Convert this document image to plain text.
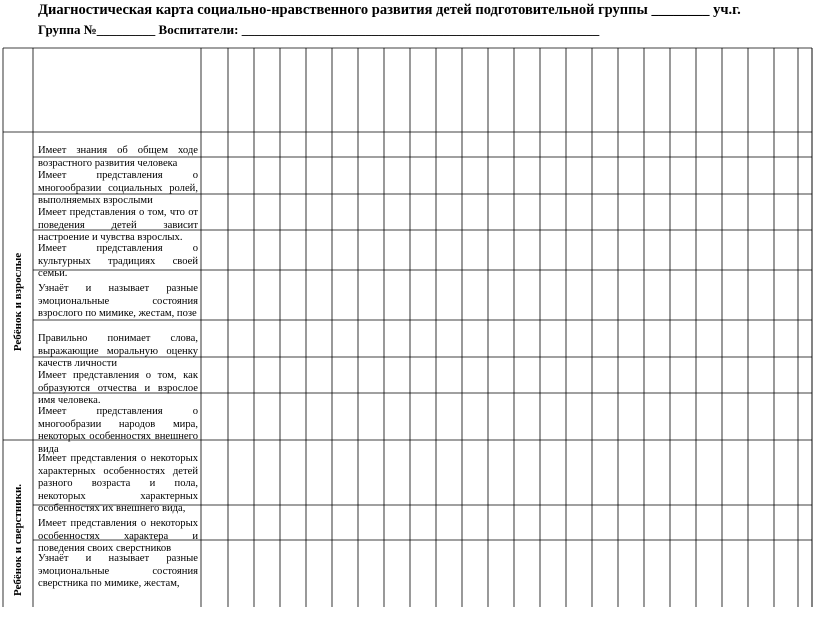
Диагностическая карта социально-нравственного развития детей подготовительной группы ________ уч.г.
Группа №_________ Воспитатели: _______________________________________________________

Имеет знания об общем ходе возрастного развития человека

Имеет представления о многообразии социальных ролей, выполняемых взрослыми

Имеет представления о том, что от поведения детей зависит настроение и чувства взрослых.

Имеет представления о культурных традициях своей семьи.

Узнаёт и называет разные эмоциональные состояния взрослого по мимике, жестам, позе

Правильно понимает слова, выражающие моральную оценку качеств личности

Имеет представления о том, как образуются отчества и взрослое имя человека.

Имеет представления о многообразии народов мира, некоторых особенностях внешнего вида

Имеет представления о некоторых характерных особенностях детей разного возраста и пола, некоторых характерных особенностях их внешнего вида,

Имеет представления о некоторых особенностях характера и поведения своих сверстников

Узнаёт и называет разные эмоциональные состояния сверстника по мимике, жестам,

Ребёнок и взрослые
Ребёнок и сверстники.
